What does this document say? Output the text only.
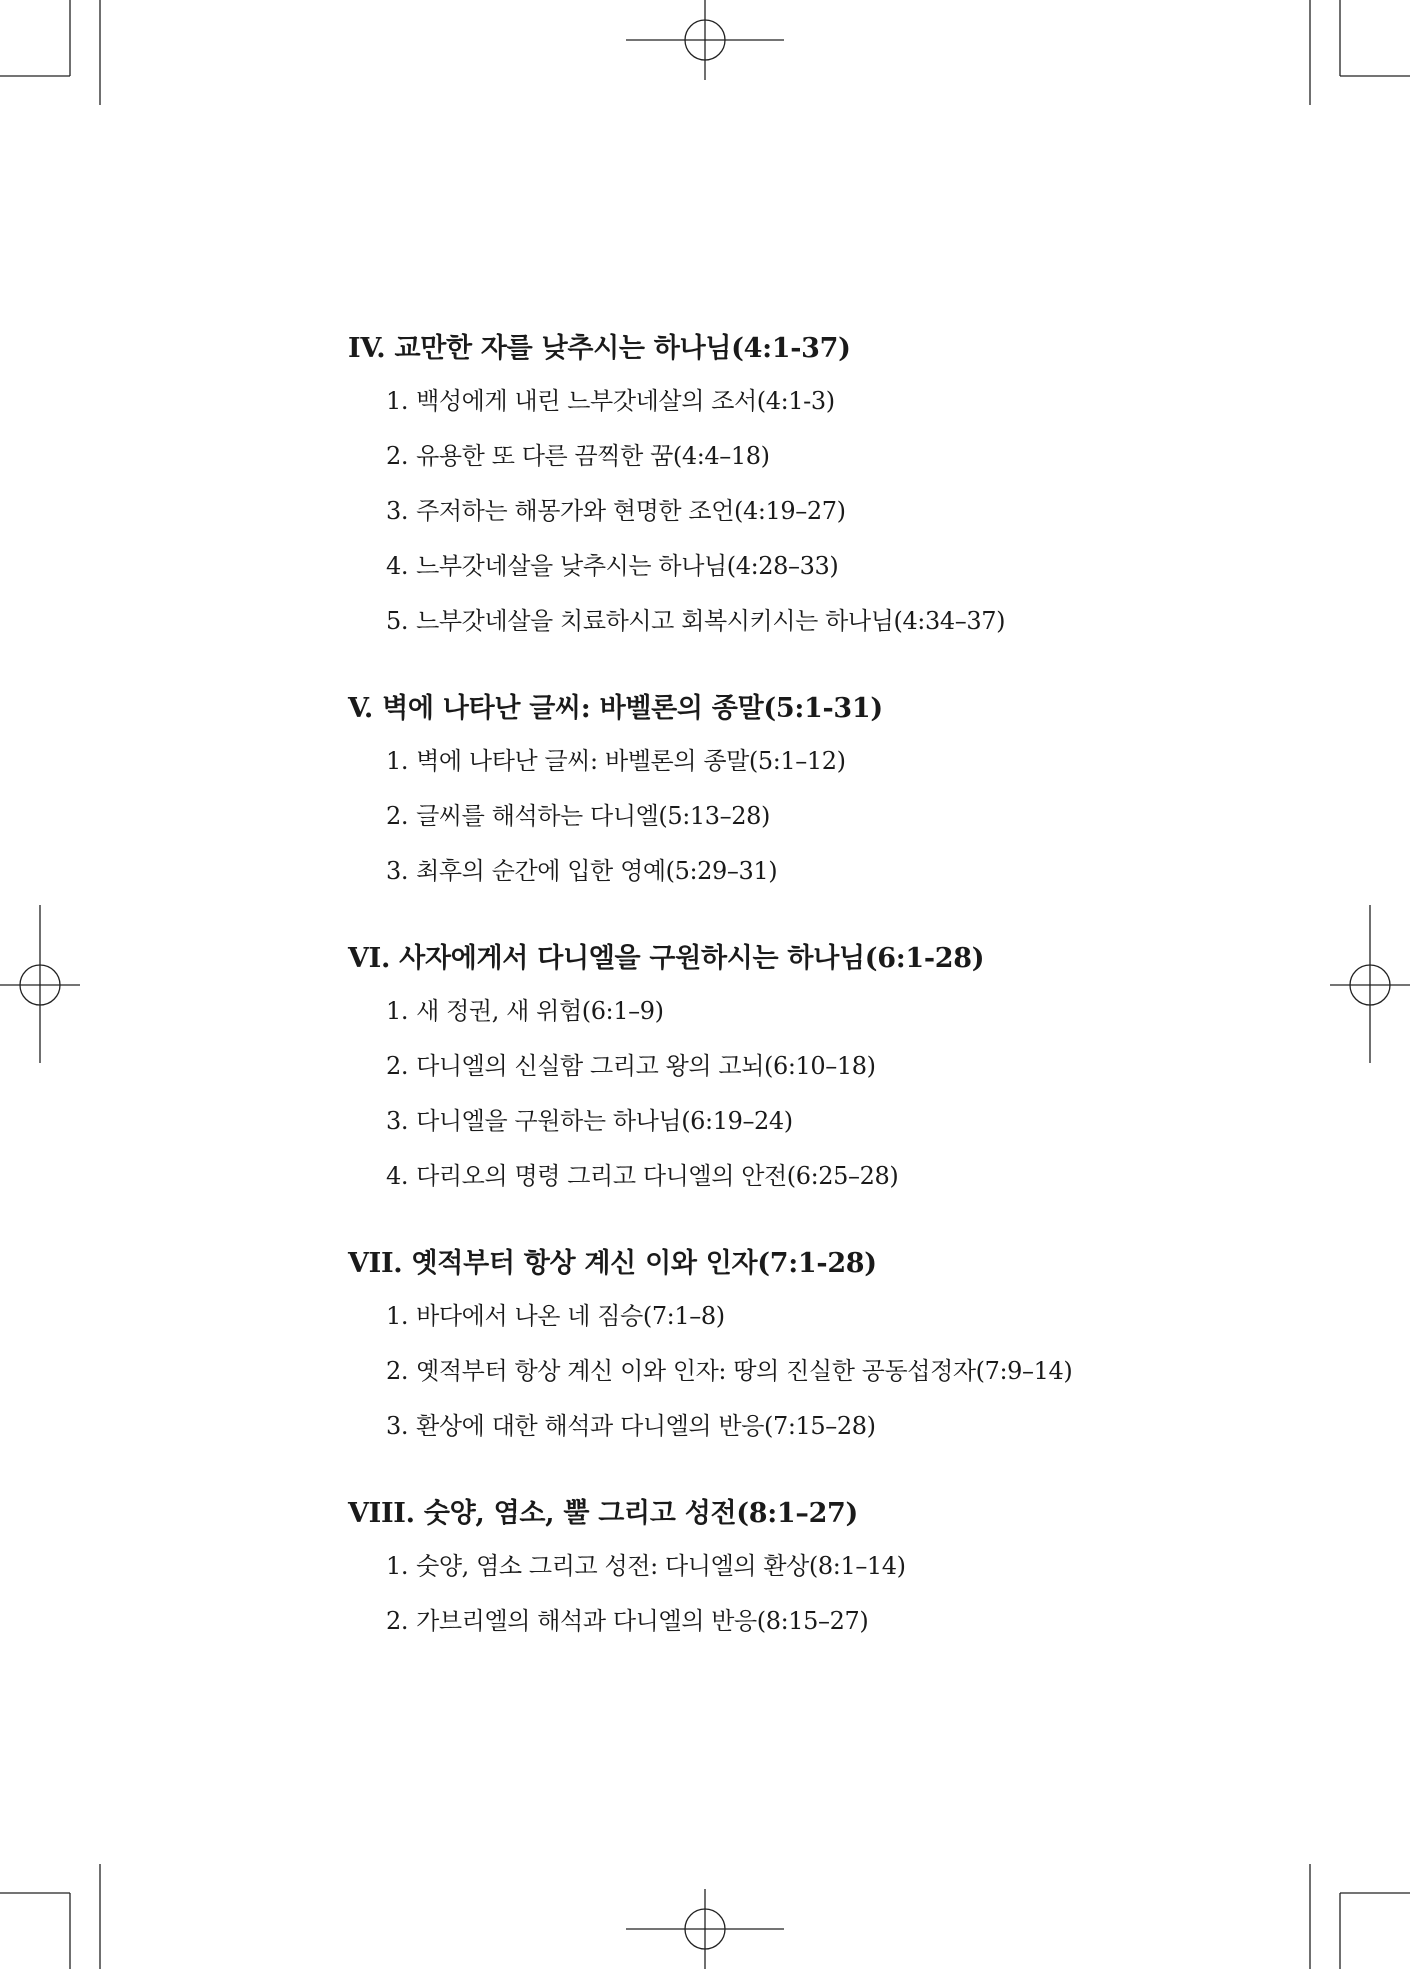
IV. 교만한 자를 낮추시는 하나님(4:1-37)
1. 백성에게 내린 느부갓네살의 조서(4:1-3)
2. 유용한 또 다른 끔찍한 꿈(4:4–18)
3. 주저하는 해몽가와 현명한 조언(4:19–27)
4. 느부갓네살을 낮추시는 하나님(4:28–33)
5. 느부갓네살을 치료하시고 회복시키시는 하나님(4:34–37)
V. 벽에 나타난 글씨: 바벨론의 종말(5:1-31)
1. 벽에 나타난 글씨: 바벨론의 종말(5:1–12)
2. 글씨를 해석하는 다니엘(5:13–28)
3. 최후의 순간에 입한 영예(5:29–31)
VI. 사자에게서 다니엘을 구원하시는 하나님(6:1-28)
1. 새 정권, 새 위험(6:1–9)
2. 다니엘의 신실함 그리고 왕의 고뇌(6:10–18)
3. 다니엘을 구원하는 하나님(6:19–24)
4. 다리오의 명령 그리고 다니엘의 안전(6:25–28)
VII. 옛적부터 항상 계신 이와 인자(7:1-28)
1. 바다에서 나온 네 짐승(7:1–8)
2. 옛적부터 항상 계신 이와 인자: 땅의 진실한 공동섭정자(7:9–14)
3. 환상에 대한 해석과 다니엘의 반응(7:15–28)
VIII. 숫양, 염소, 뿔 그리고 성전(8:1–27)
1. 숫양, 염소 그리고 성전: 다니엘의 환상(8:1–14)
2. 가브리엘의 해석과 다니엘의 반응(8:15–27)
